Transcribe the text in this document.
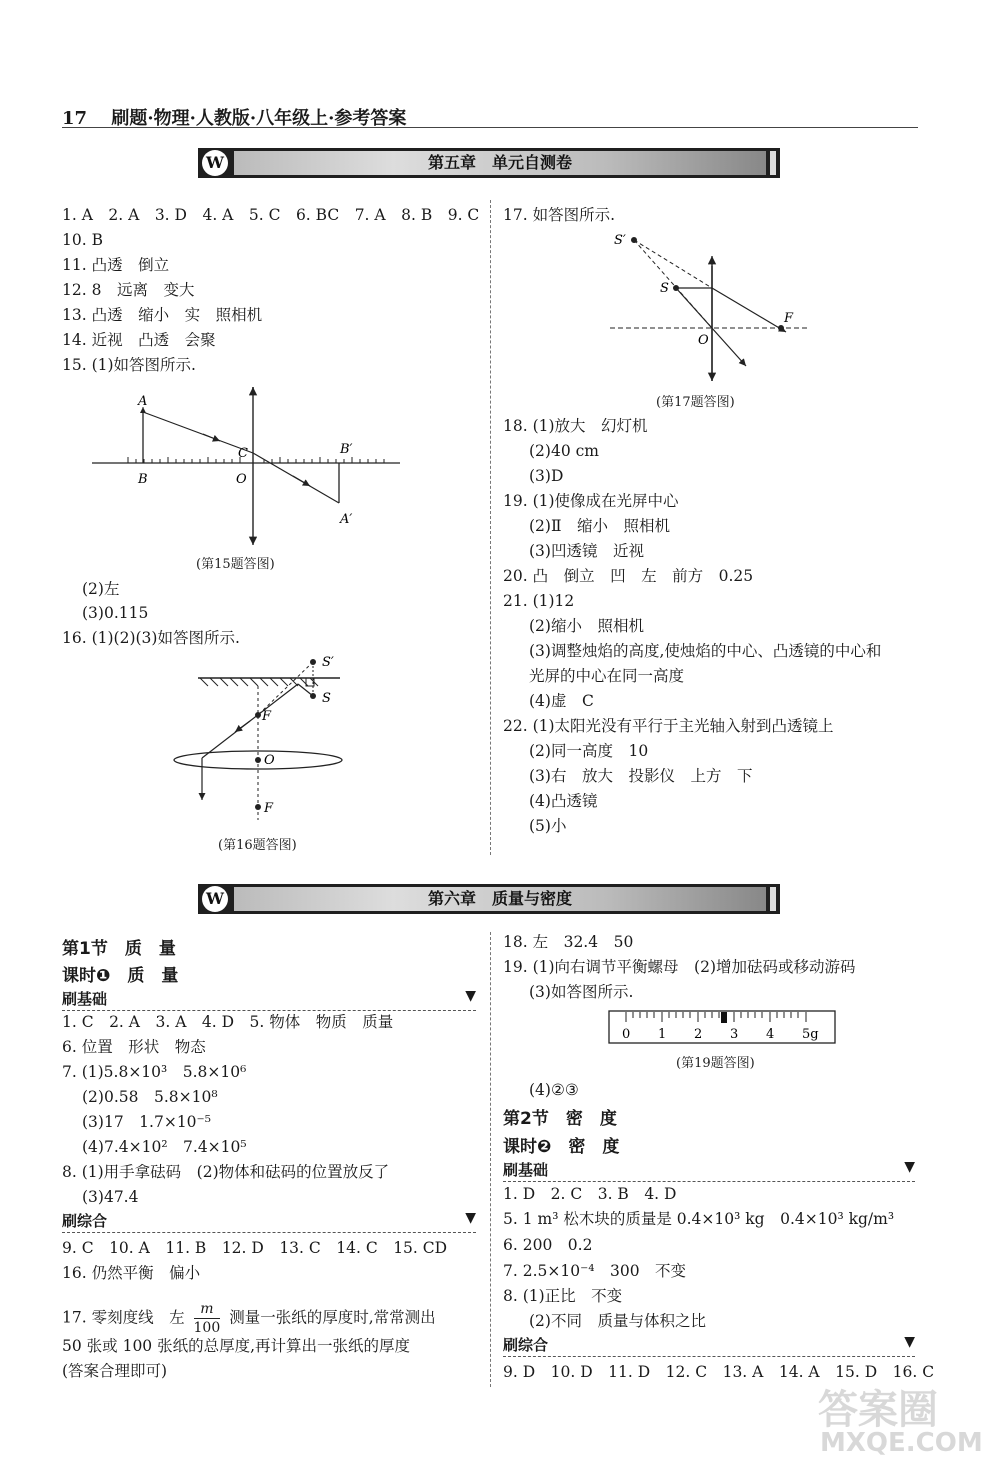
17 刷题·物理·人教版·八年级上·参考答案
W	第五章　单元自测卷
1. A　2. A　3. D　4. A　5. C　6. BC　7. A　8. B　9. C
10. B
11. 凸透　倒立
12. 8　远离　变大
13. 凸透　缩小　实　照相机
14. 近视　凸透　会聚
15. (1)如答图所示.
A
B
C
O
B′
A′
(第15题答图)
(2)左
(3)0.115
16. (1)(2)(3)如答图所示.
S′
S
F
O
F
(第16题答图)
17. 如答图所示.
S′
S
F
O
(第17题答图)
18. (1)放大　幻灯机
(2)40 cm
(3)D
19. (1)使像成在光屏中心
(2)Ⅱ　缩小　照相机
(3)凹透镜　近视
20. 凸　倒立　凹　左　前方　0.25
21. (1)12
(2)缩小　照相机
(3)调整烛焰的高度,使烛焰的中心、凸透镜的中心和
光屏的中心在同一高度
(4)虚　C
22. (1)太阳光没有平行于主光轴入射到凸透镜上
(2)同一高度　10
(3)右　放大　投影仪　上方　下
(4)凸透镜
(5)小
W	第六章　质量与密度
第1节　质　量
课时❶　质　量
刷基础	▼
1. C　2. A　3. A　4. D　5. 物体　物质　质量
6. 位置　形状　物态
7. (1)5.8×10³　5.8×10⁶
(2)0.58　5.8×10⁸
(3)17　1.7×10⁻⁵
(4)7.4×10²　7.4×10⁵
8. (1)用手拿砝码　(2)物体和砝码的位置放反了
(3)47.4
刷综合	▼
9. C　10. A　11. B　12. D　13. C　14. C　15. CD
16. 仍然平衡　偏小
17. 零刻度线　左 $\frac{m}{100}$ 测量一张纸的厚度时,常常测出
50 张或 100 张纸的总厚度,再计算出一张纸的厚度
(答案合理即可)
18. 左　32.4　50
19. (1)向右调节平衡螺母　(2)增加砝码或移动游码
(3)如答图所示.
0 1 2 3 4 5g
(第19题答图)
(4)②③
第2节　密　度
课时❷　密　度
刷基础	▼
1. D　2. C　3. B　4. D
5. 1 m³ 松木块的质量是 0.4×10³ kg　0.4×10³ kg/m³
6. 200　0.2
7. 2.5×10⁻⁴　300　不变
8. (1)正比　不变
(2)不同　质量与体积之比
刷综合	▼
9. D　10. D　11. D　12. C　13. A　14. A　15. D　16. C
答案圈
MXQE.COM
